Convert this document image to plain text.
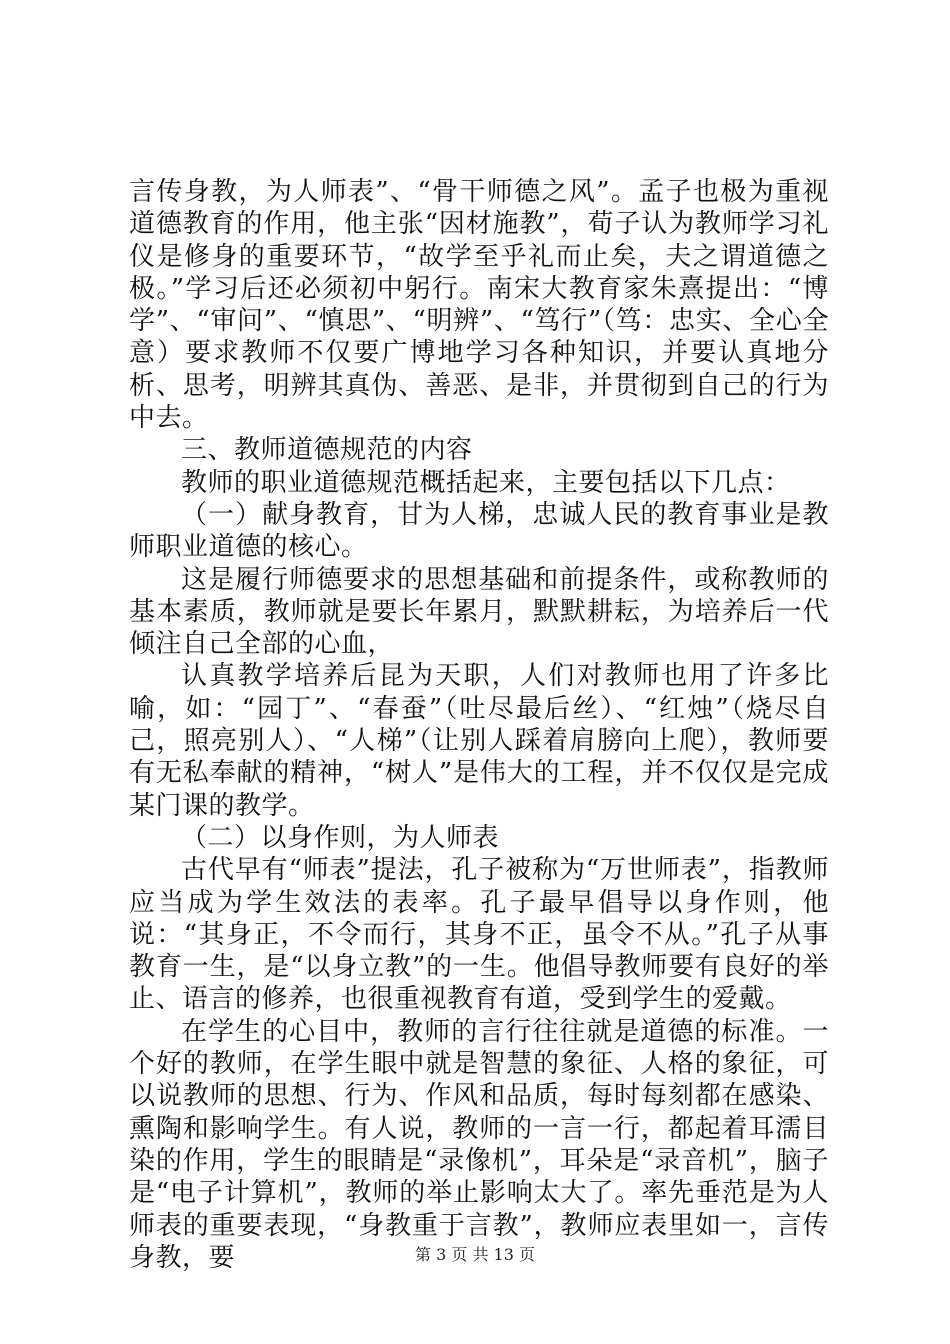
言传身教，为人师表”、“骨干师德之风”。孟子也极为重视道德教育的作用，他主张“因材施教”，荀子认为教师学习礼仪是修身的重要环节，“故学至乎礼而止矣，夫之谓道德之极。”学习后还必须初中躬行。南宋大教育家朱熹提出：“博学”、“审问”、“慎思”、“明辨”、“笃行”（笃：忠实、全心全意）要求教师不仅要广博地学习各种知识，并要认真地分析、思考，明辨其真伪、善恶、是非，并贯彻到自己的行为中去。

三、教师道德规范的内容

教师的职业道德规范概括起来，主要包括以下几点：

（一）献身教育，甘为人梯，忠诚人民的教育事业是教师职业道德的核心。

这是履行师德要求的思想基础和前提条件，或称教师的基本素质，教师就是要长年累月，默默耕耘，为培养后一代倾注自己全部的心血，

认真教学培养后昆为天职，人们对教师也用了许多比喻，如：“园丁”、“春蚕”（吐尽最后丝）、“红烛”（烧尽自己，照亮别人）、“人梯”（让别人踩着肩膀向上爬），教师要有无私奉献的精神，“树人”是伟大的工程，并不仅仅是完成某门课的教学。

（二）以身作则，为人师表

古代早有“师表”提法，孔子被称为“万世师表”，指教师应当成为学生效法的表率。孔子最早倡导以身作则，他说：“其身正，不令而行，其身不正，虽令不从。”孔子从事教育一生，是“以身立教”的一生。他倡导教师要有良好的举止、语言的修养，也很重视教育有道，受到学生的爱戴。

在学生的心目中，教师的言行往往就是道德的标准。一个好的教师，在学生眼中就是智慧的象征、人格的象征，可以说教师的思想、行为、作风和品质，每时每刻都在感染、熏陶和影响学生。有人说，教师的一言一行，都起着耳濡目染的作用，学生的眼睛是“录像机”，耳朵是“录音机”，脑子是“电子计算机”，教师的举止影响太大了。率先垂范是为人师表的重要表现，“身教重于言教”，教师应表里如一，言传身教，要	第 3 页 共 13 页
